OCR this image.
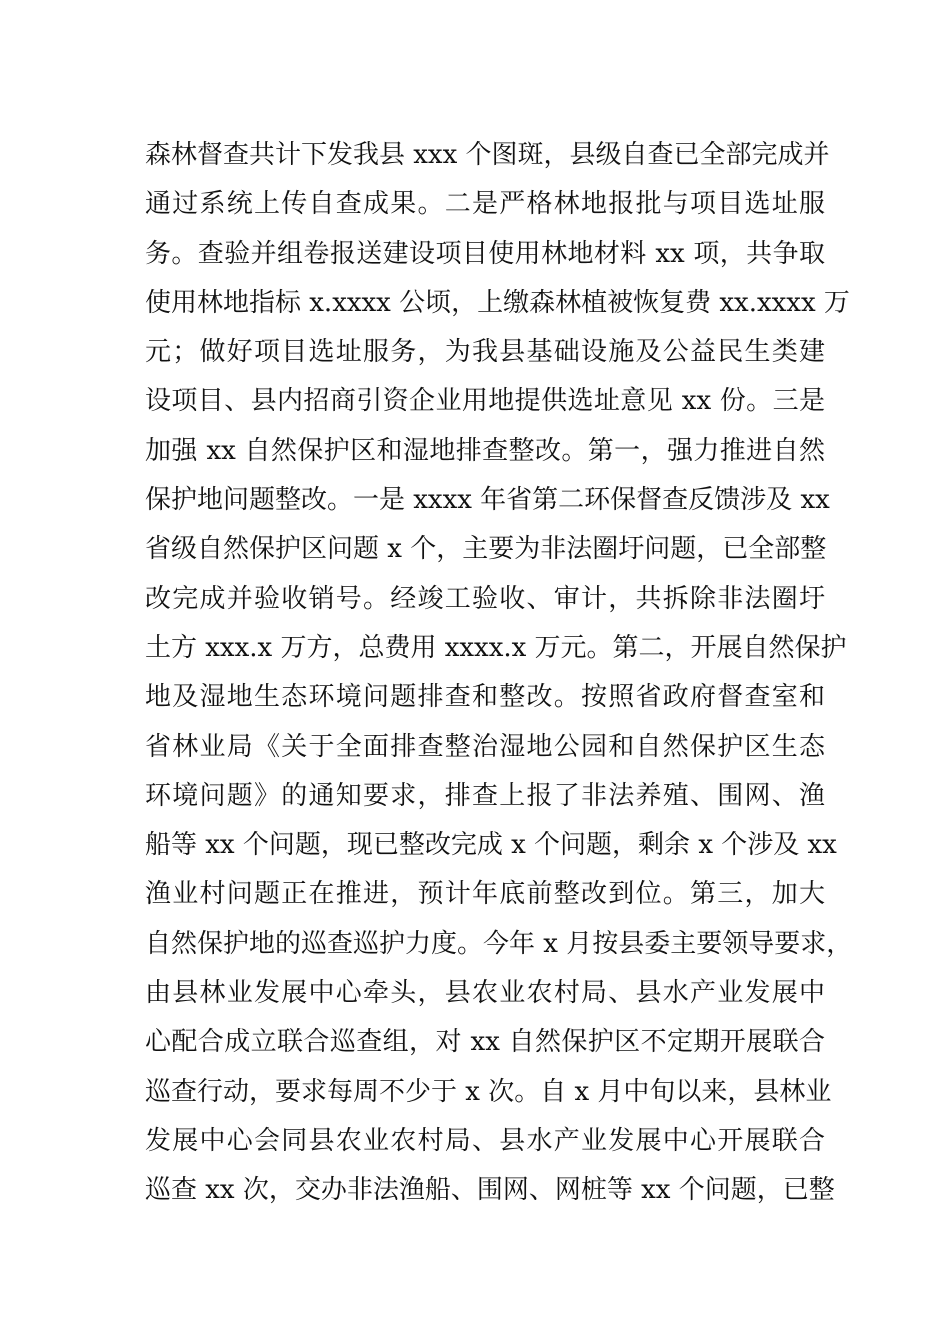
森林督查共计下发我县 xxx 个图斑，县级自查已全部完成并
通过系统上传自查成果。二是严格林地报批与项目选址服
务。查验并组卷报送建设项目使用林地材料 xx 项，共争取
使用林地指标 x.xxxx 公顷，上缴森林植被恢复费 xx.xxxx 万
元；做好项目选址服务，为我县基础设施及公益民生类建
设项目、县内招商引资企业用地提供选址意见 xx 份。三是
加强 xx 自然保护区和湿地排查整改。第一，强力推进自然
保护地问题整改。一是 xxxx 年省第二环保督查反馈涉及 xx
省级自然保护区问题 x 个，主要为非法圈圩问题，已全部整
改完成并验收销号。经竣工验收、审计，共拆除非法圈圩
土方 xxx.x 万方，总费用 xxxx.x 万元。第二，开展自然保护
地及湿地生态环境问题排查和整改。按照省政府督查室和
省林业局《关于全面排查整治湿地公园和自然保护区生态
环境问题》的通知要求，排查上报了非法养殖、围网、渔
船等 xx 个问题，现已整改完成 x 个问题，剩余 x 个涉及 xx
渔业村问题正在推进，预计年底前整改到位。第三，加大
自然保护地的巡查巡护力度。今年 x 月按县委主要领导要求，
由县林业发展中心牵头，县农业农村局、县水产业发展中
心配合成立联合巡查组，对 xx 自然保护区不定期开展联合
巡查行动，要求每周不少于 x 次。自 x 月中旬以来，县林业
发展中心会同县农业农村局、县水产业发展中心开展联合
巡查 xx 次，交办非法渔船、围网、网桩等 xx 个问题，已整
